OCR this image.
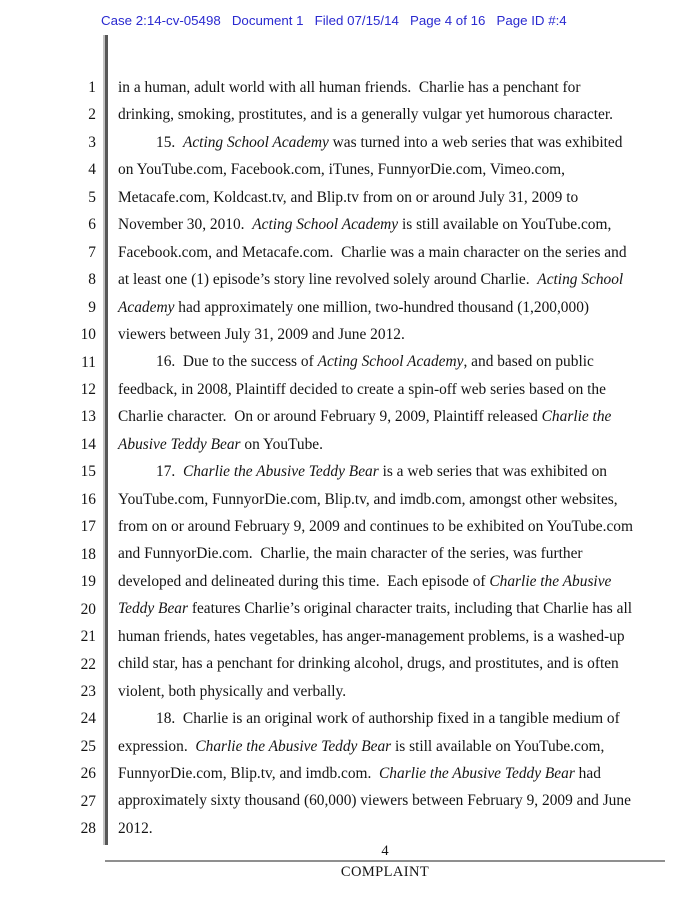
Case 2:14-cv-05498   Document 1   Filed 07/15/14   Page 4 of 16   Page ID #:4
1
2
3
4
5
6
7
8
9
10
11
12
13
14
15
16
17
18
19
20
21
22
23
24
25
26
27
28
in a human, adult world with all human friends.  Charlie has a penchant for
drinking, smoking, prostitutes, and is a generally vulgar yet humorous character.
15.  Acting School Academy was turned into a web series that was exhibited
on YouTube.com, Facebook.com, iTunes, FunnyorDie.com, Vimeo.com,
Metacafe.com, Koldcast.tv, and Blip.tv from on or around July 31, 2009 to
November 30, 2010.  Acting School Academy is still available on YouTube.com,
Facebook.com, and Metacafe.com.  Charlie was a main character on the series and
at least one (1) episode’s story line revolved solely around Charlie.  Acting School
Academy had approximately one million, two-hundred thousand (1,200,000)
viewers between July 31, 2009 and June 2012.
16.  Due to the success of Acting School Academy, and based on public
feedback, in 2008, Plaintiff decided to create a spin-off web series based on the
Charlie character.  On or around February 9, 2009, Plaintiff released Charlie the
Abusive Teddy Bear on YouTube.
17.  Charlie the Abusive Teddy Bear is a web series that was exhibited on
YouTube.com, FunnyorDie.com, Blip.tv, and imdb.com, amongst other websites,
from on or around February 9, 2009 and continues to be exhibited on YouTube.com
and FunnyorDie.com.  Charlie, the main character of the series, was further
developed and delineated during this time.  Each episode of Charlie the Abusive
Teddy Bear features Charlie’s original character traits, including that Charlie has all
human friends, hates vegetables, has anger-management problems, is a washed-up
child star, has a penchant for drinking alcohol, drugs, and prostitutes, and is often
violent, both physically and verbally.
18.  Charlie is an original work of authorship fixed in a tangible medium of
expression.  Charlie the Abusive Teddy Bear is still available on YouTube.com,
FunnyorDie.com, Blip.tv, and imdb.com.  Charlie the Abusive Teddy Bear had
approximately sixty thousand (60,000) viewers between February 9, 2009 and June
2012.
4
COMPLAINT
